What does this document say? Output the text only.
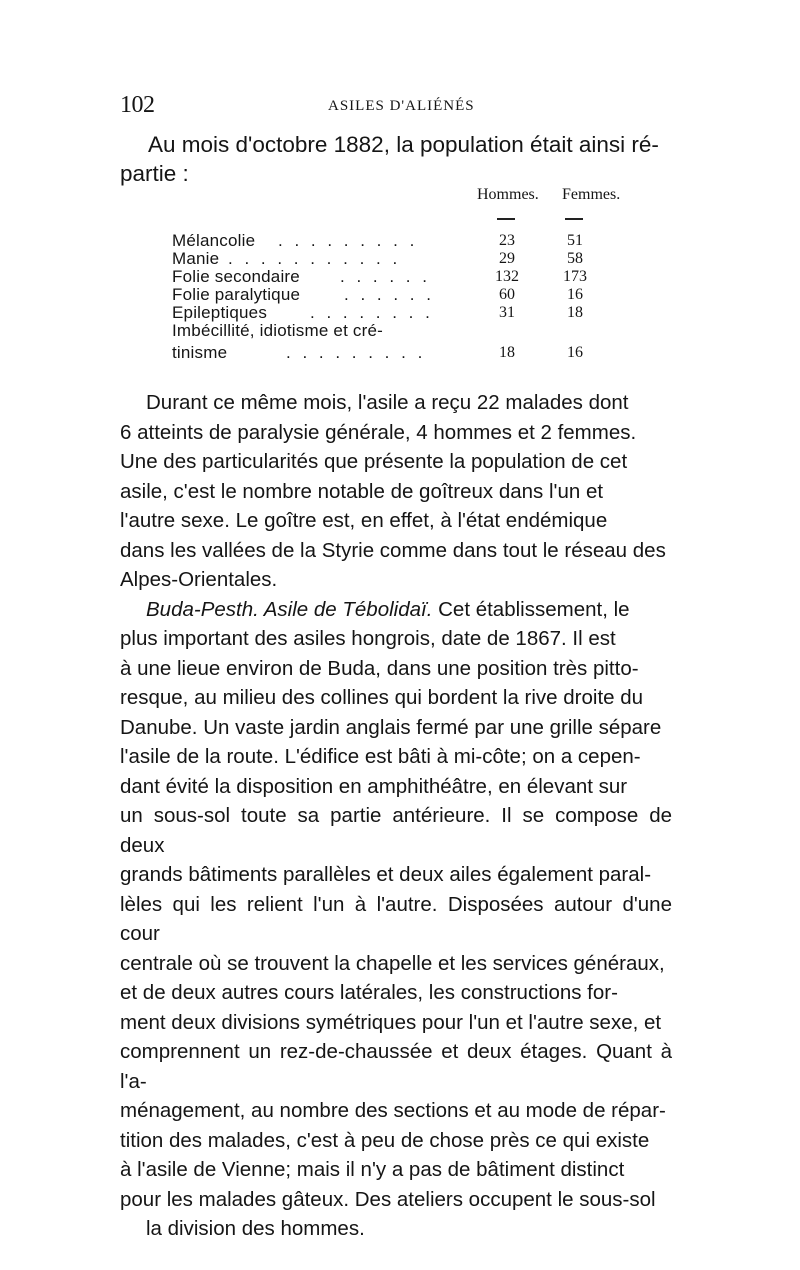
102	ASILES D'ALIÉNÉS
Au mois d'octobre 1882, la population était ainsi ré-
partie :
Hommes. Femmes.
Mélancolie . . . . . . . . .	23	51
Manie . . . . . . . . . . .	29	58
Folie secondaire . . . . . .	132	173
Folie paralytique	. . . . . .	60	16
Epileptiques	. . . . . . . .	31	18
Imbécillité, idiotisme et cré-
tinisme	. . . . . . . . .	18	16
Durant ce même mois, l'asile a reçu 22 malades dont
6 atteints de paralysie générale, 4 hommes et 2 femmes.
Une des particularités que présente la population de cet
asile, c'est le nombre notable de goîtreux dans l'un et
l'autre sexe. Le goître est, en effet, à l'état endémique
dans les vallées de la Styrie comme dans tout le réseau des
Alpes-Orientales.
Buda-Pesth. Asile de Tébolidaï. Cet établissement, le
plus important des asiles hongrois, date de 1867. Il est
à une lieue environ de Buda, dans une position très pitto-
resque, au milieu des collines qui bordent la rive droite du
Danube. Un vaste jardin anglais fermé par une grille sépare
l'asile de la route. L'édifice est bâti à mi-côte; on a cepen-
dant évité la disposition en amphithéâtre, en élevant sur
un sous-sol toute sa partie antérieure. Il se compose de deux
grands bâtiments parallèles et deux ailes également paral-
lèles qui les relient l'un à l'autre. Disposées autour d'une cour
centrale où se trouvent la chapelle et les services généraux,
et de deux autres cours latérales, les constructions for-
ment deux divisions symétriques pour l'un et l'autre sexe, et
comprennent un rez-de-chaussée et deux étages. Quant à l'a-
ménagement, au nombre des sections et au mode de répar-
tition des malades, c'est à peu de chose près ce qui existe
à l'asile de Vienne; mais il n'y a pas de bâtiment distinct
pour les malades gâteux. Des ateliers occupent le sous-sol
la division des hommes.
